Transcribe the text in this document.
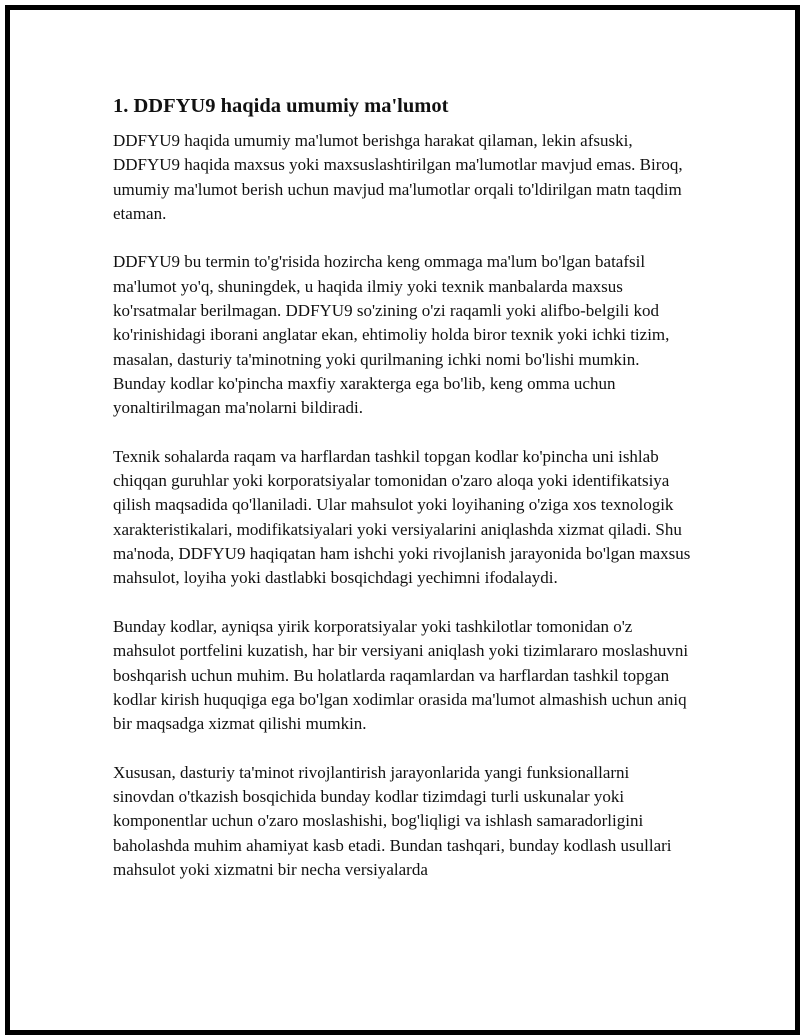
1. DDFYU9 haqida umumiy ma'lumot

DDFYU9 haqida umumiy ma'lumot berishga harakat qilaman, lekin afsuski, DDFYU9 haqida maxsus yoki maxsuslashtirilgan ma'lumotlar mavjud emas. Biroq, umumiy ma'lumot berish uchun mavjud ma'lumotlar orqali to'ldirilgan matn taqdim etaman.

DDFYU9 bu termin to'g'risida hozircha keng ommaga ma'lum bo'lgan batafsil ma'lumot yo'q, shuningdek, u haqida ilmiy yoki texnik manbalarda maxsus ko'rsatmalar berilmagan. DDFYU9 so'zining o'zi raqamli yoki alifbo-belgili kod ko'rinishidagi iborani anglatar ekan, ehtimoliy holda biror texnik yoki ichki tizim, masalan, dasturiy ta'minotning yoki qurilmaning ichki nomi bo'lishi mumkin. Bunday kodlar ko'pincha maxfiy xarakterga ega bo'lib, keng omma uchun yonaltirilmagan ma'nolarni bildiradi.

Texnik sohalarda raqam va harflardan tashkil topgan kodlar ko'pincha uni ishlab chiqqan guruhlar yoki korporatsiyalar tomonidan o'zaro aloqa yoki identifikatsiya qilish maqsadida qo'llaniladi. Ular mahsulot yoki loyihaning o'ziga xos texnologik xarakteristikalari, modifikatsiyalari yoki versiyalarini aniqlashda xizmat qiladi. Shu ma'noda, DDFYU9 haqiqatan ham ishchi yoki rivojlanish jarayonida bo'lgan maxsus mahsulot, loyiha yoki dastlabki bosqichdagi yechimni ifodalaydi.

Bunday kodlar, ayniqsa yirik korporatsiyalar yoki tashkilotlar tomonidan o'z mahsulot portfelini kuzatish, har bir versiyani aniqlash yoki tizimlararo moslashuvni boshqarish uchun muhim. Bu holatlarda raqamlardan va harflardan tashkil topgan kodlar kirish huquqiga ega bo'lgan xodimlar orasida ma'lumot almashish uchun aniq bir maqsadga xizmat qilishi mumkin.

Xususan, dasturiy ta'minot rivojlantirish jarayonlarida yangi funksionallarni sinovdan o'tkazish bosqichida bunday kodlar tizimdagi turli uskunalar yoki komponentlar uchun o'zaro moslashishi, bog'liqligi va ishlash samaradorligini baholashda muhim ahamiyat kasb etadi. Bundan tashqari, bunday kodlash usullari mahsulot yoki xizmatni bir necha versiyalarda
